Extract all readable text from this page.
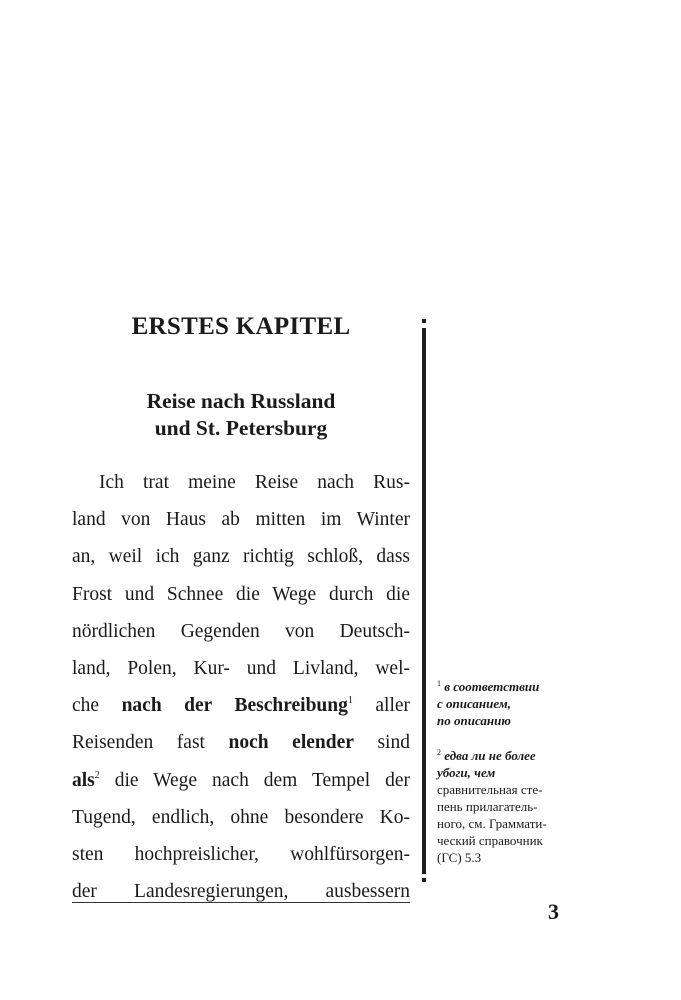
ERSTES KAPITEL
Reise nach Russland
und St. Petersburg
Ich trat meine Reise nach Rus-
land von Haus ab mitten im Winter
an, weil ich ganz richtig schloß, dass
Frost und Schnee die Wege durch die
nördlichen Gegenden von Deutsch-
land, Polen, Kur- und Livland, wel-
che nach der Beschreibung$^1$ aller
Reisenden fast noch elender sind
als$^2$ die Wege nach dem Tempel der
Tugend, endlich, ohne besondere Ko-
sten hochpreislicher, wohlfürsorgen-
der Landesregierungen, ausbessern

$^1$ в соответствии
с описанием,
по описанию

$^2$ едва ли не более
убоги, чем
сравнительная сте-
пень прилагатель-
ного, см. Граммати-
ческий справочник
(ГС) 5.3

3
